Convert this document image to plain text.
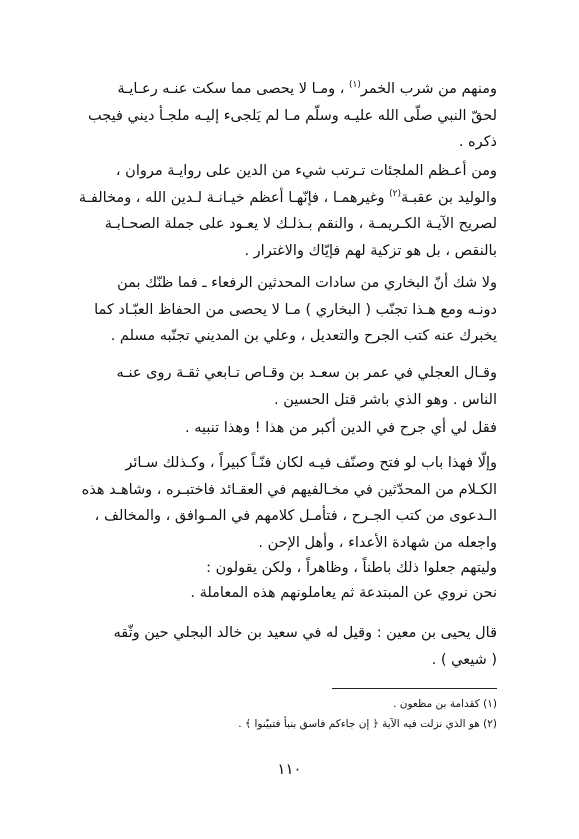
ومنهم من شرب الخمر$^{(١)}$ ، ومـا لا يحصى مما سكت عنـه رعـايـة
لحقّ النبي صلّى الله عليـه وسلّم مـا لم يَلجىء إليـه ملجـأ ديني فيجب
ذكره .
ومن أعـظم الملجئات تـرتب شيء من الدين على روايـة مروان ،
والوليد بن عقبـة$^{(٢)}$ وغيرهمـا ، فإنّهـا أعظم خيـانـة لـدين الله ، ومخالفـة
لصريح الآيـة الكـريمـة ، والنقم بـذلـك لا يعـود على جملة الصحـابـة
بالنقص ، بل هو تزكية لهم فإيّاك والاغترار .
ولا شك أنّ البخاري من سادات المحدثين الرفعاء ـ فما ظنّك بمن
دونـه ومع هـذا تجنّب ( البخاري ) مـا لا يحصى من الحفاظ العبّـاد كما
يخبرك عنه كتب الجرح والتعديل ، وعلي بن المديني تجنّبه مسلم .
وقـال العجلي في عمر بن سعـد بن وقـاص تـابعي ثقـة روى عنـه
الناس . وهو الذي باشر قتل الحسين .
فقل لي أي جرح في الدين أكبر من هذا ! وهذا تنبيه .
وإلّا فهذا باب لو فتح وصنّف فيـه لكان فنّـاً كبيراً ، وكـذلك سـائر
الكـلام من المحدّثين في مخـالفيهم في العقـائد فاختبـره ، وشاهـد هذه
الـدعوى من كتب الجـرح ، فتأمـل كلامهم في المـوافق ، والمخالف ،
واجعله من شهادة الأعداء ، وأهل الإحن .
وليتهم جعلوا ذلك باطناً ، وظاهراً ، ولكن يقولون :
نحن نروي عن المبتدعة ثم يعاملونهم هذه المعاملة .
قال يحيى بن معين : وقيل له في سعيد بن خالد البجلي حين وثّقه
( شيعي ) .
(١) كقدامة بن مظعون .
(٢) هو الذي نزلت فيه الآية ﴿ إن جاءكم فاسق بنبأ فتبيّنوا ﴾ .
١١٠
